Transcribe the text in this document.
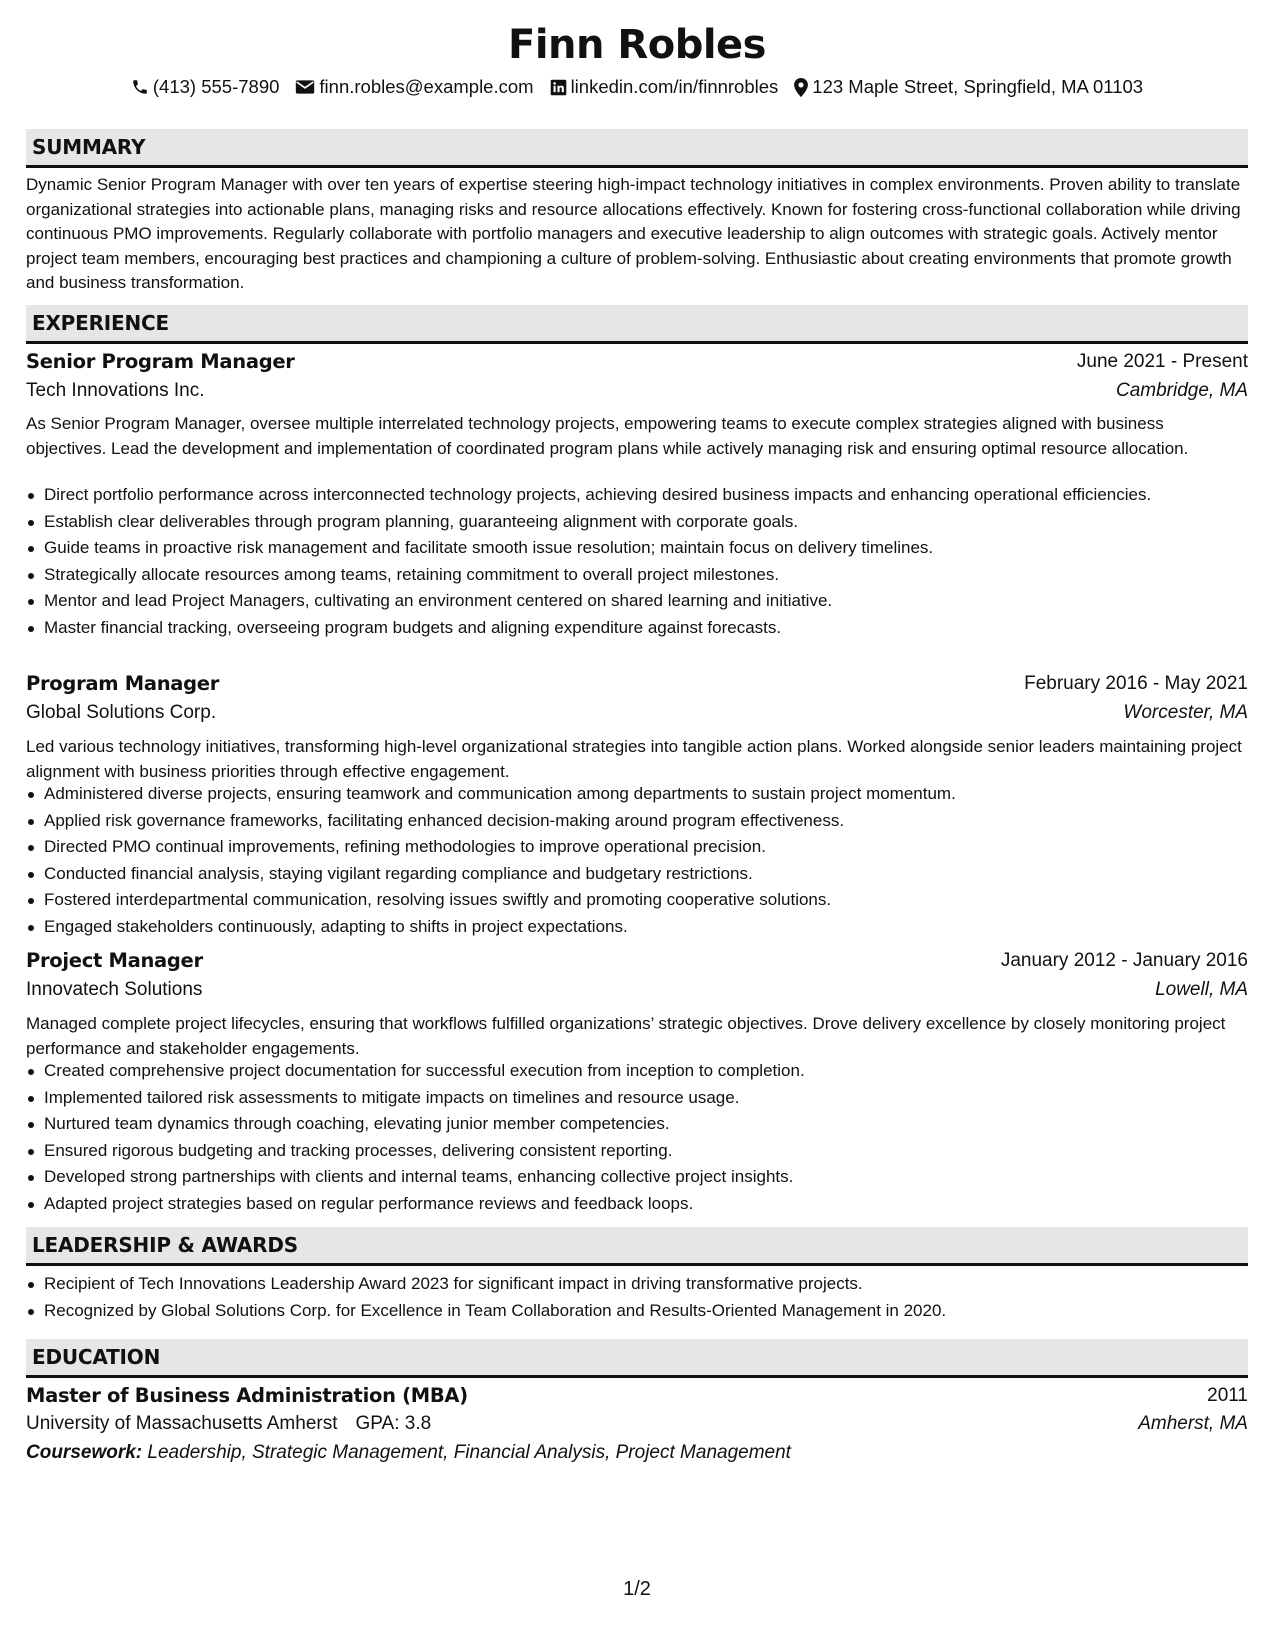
Finn Robles
(413) 555-7890 finn.robles@example.com linkedin.com/in/finnrobles 123 Maple Street, Springfield, MA 01103
SUMMARY
Dynamic Senior Program Manager with over ten years of expertise steering high-impact technology initiatives in complex environments. Proven ability to translate organizational strategies into actionable plans, managing risks and resource allocations effectively. Known for fostering cross-functional collaboration while driving continuous PMO improvements. Regularly collaborate with portfolio managers and executive leadership to align outcomes with strategic goals. Actively mentor project team members, encouraging best practices and championing a culture of problem-solving. Enthusiastic about creating environments that promote growth and business transformation.
EXPERIENCE
Senior Program Manager	June 2021 - Present
Tech Innovations Inc.	Cambridge, MA
As Senior Program Manager, oversee multiple interrelated technology projects, empowering teams to execute complex strategies aligned with business objectives. Lead the development and implementation of coordinated program plans while actively managing risk and ensuring optimal resource allocation.
Direct portfolio performance across interconnected technology projects, achieving desired business impacts and enhancing operational efficiencies.
Establish clear deliverables through program planning, guaranteeing alignment with corporate goals.
Guide teams in proactive risk management and facilitate smooth issue resolution; maintain focus on delivery timelines.
Strategically allocate resources among teams, retaining commitment to overall project milestones.
Mentor and lead Project Managers, cultivating an environment centered on shared learning and initiative.
Master financial tracking, overseeing program budgets and aligning expenditure against forecasts.
Program Manager	February 2016 - May 2021
Global Solutions Corp.	Worcester, MA
Led various technology initiatives, transforming high-level organizational strategies into tangible action plans. Worked alongside senior leaders maintaining project alignment with business priorities through effective engagement.
Administered diverse projects, ensuring teamwork and communication among departments to sustain project momentum.
Applied risk governance frameworks, facilitating enhanced decision-making around program effectiveness.
Directed PMO continual improvements, refining methodologies to improve operational precision.
Conducted financial analysis, staying vigilant regarding compliance and budgetary restrictions.
Fostered interdepartmental communication, resolving issues swiftly and promoting cooperative solutions.
Engaged stakeholders continuously, adapting to shifts in project expectations.
Project Manager	January 2012 - January 2016
Innovatech Solutions	Lowell, MA
Managed complete project lifecycles, ensuring that workflows fulfilled organizations’ strategic objectives. Drove delivery excellence by closely monitoring project performance and stakeholder engagements.
Created comprehensive project documentation for successful execution from inception to completion.
Implemented tailored risk assessments to mitigate impacts on timelines and resource usage.
Nurtured team dynamics through coaching, elevating junior member competencies.
Ensured rigorous budgeting and tracking processes, delivering consistent reporting.
Developed strong partnerships with clients and internal teams, enhancing collective project insights.
Adapted project strategies based on regular performance reviews and feedback loops.
LEADERSHIP & AWARDS
Recipient of Tech Innovations Leadership Award 2023 for significant impact in driving transformative projects.
Recognized by Global Solutions Corp. for Excellence in Team Collaboration and Results-Oriented Management in 2020.
EDUCATION
Master of Business Administration (MBA)	2011
University of Massachusetts Amherst GPA: 3.8	Amherst, MA
Coursework: Leadership, Strategic Management, Financial Analysis, Project Management
1/2
